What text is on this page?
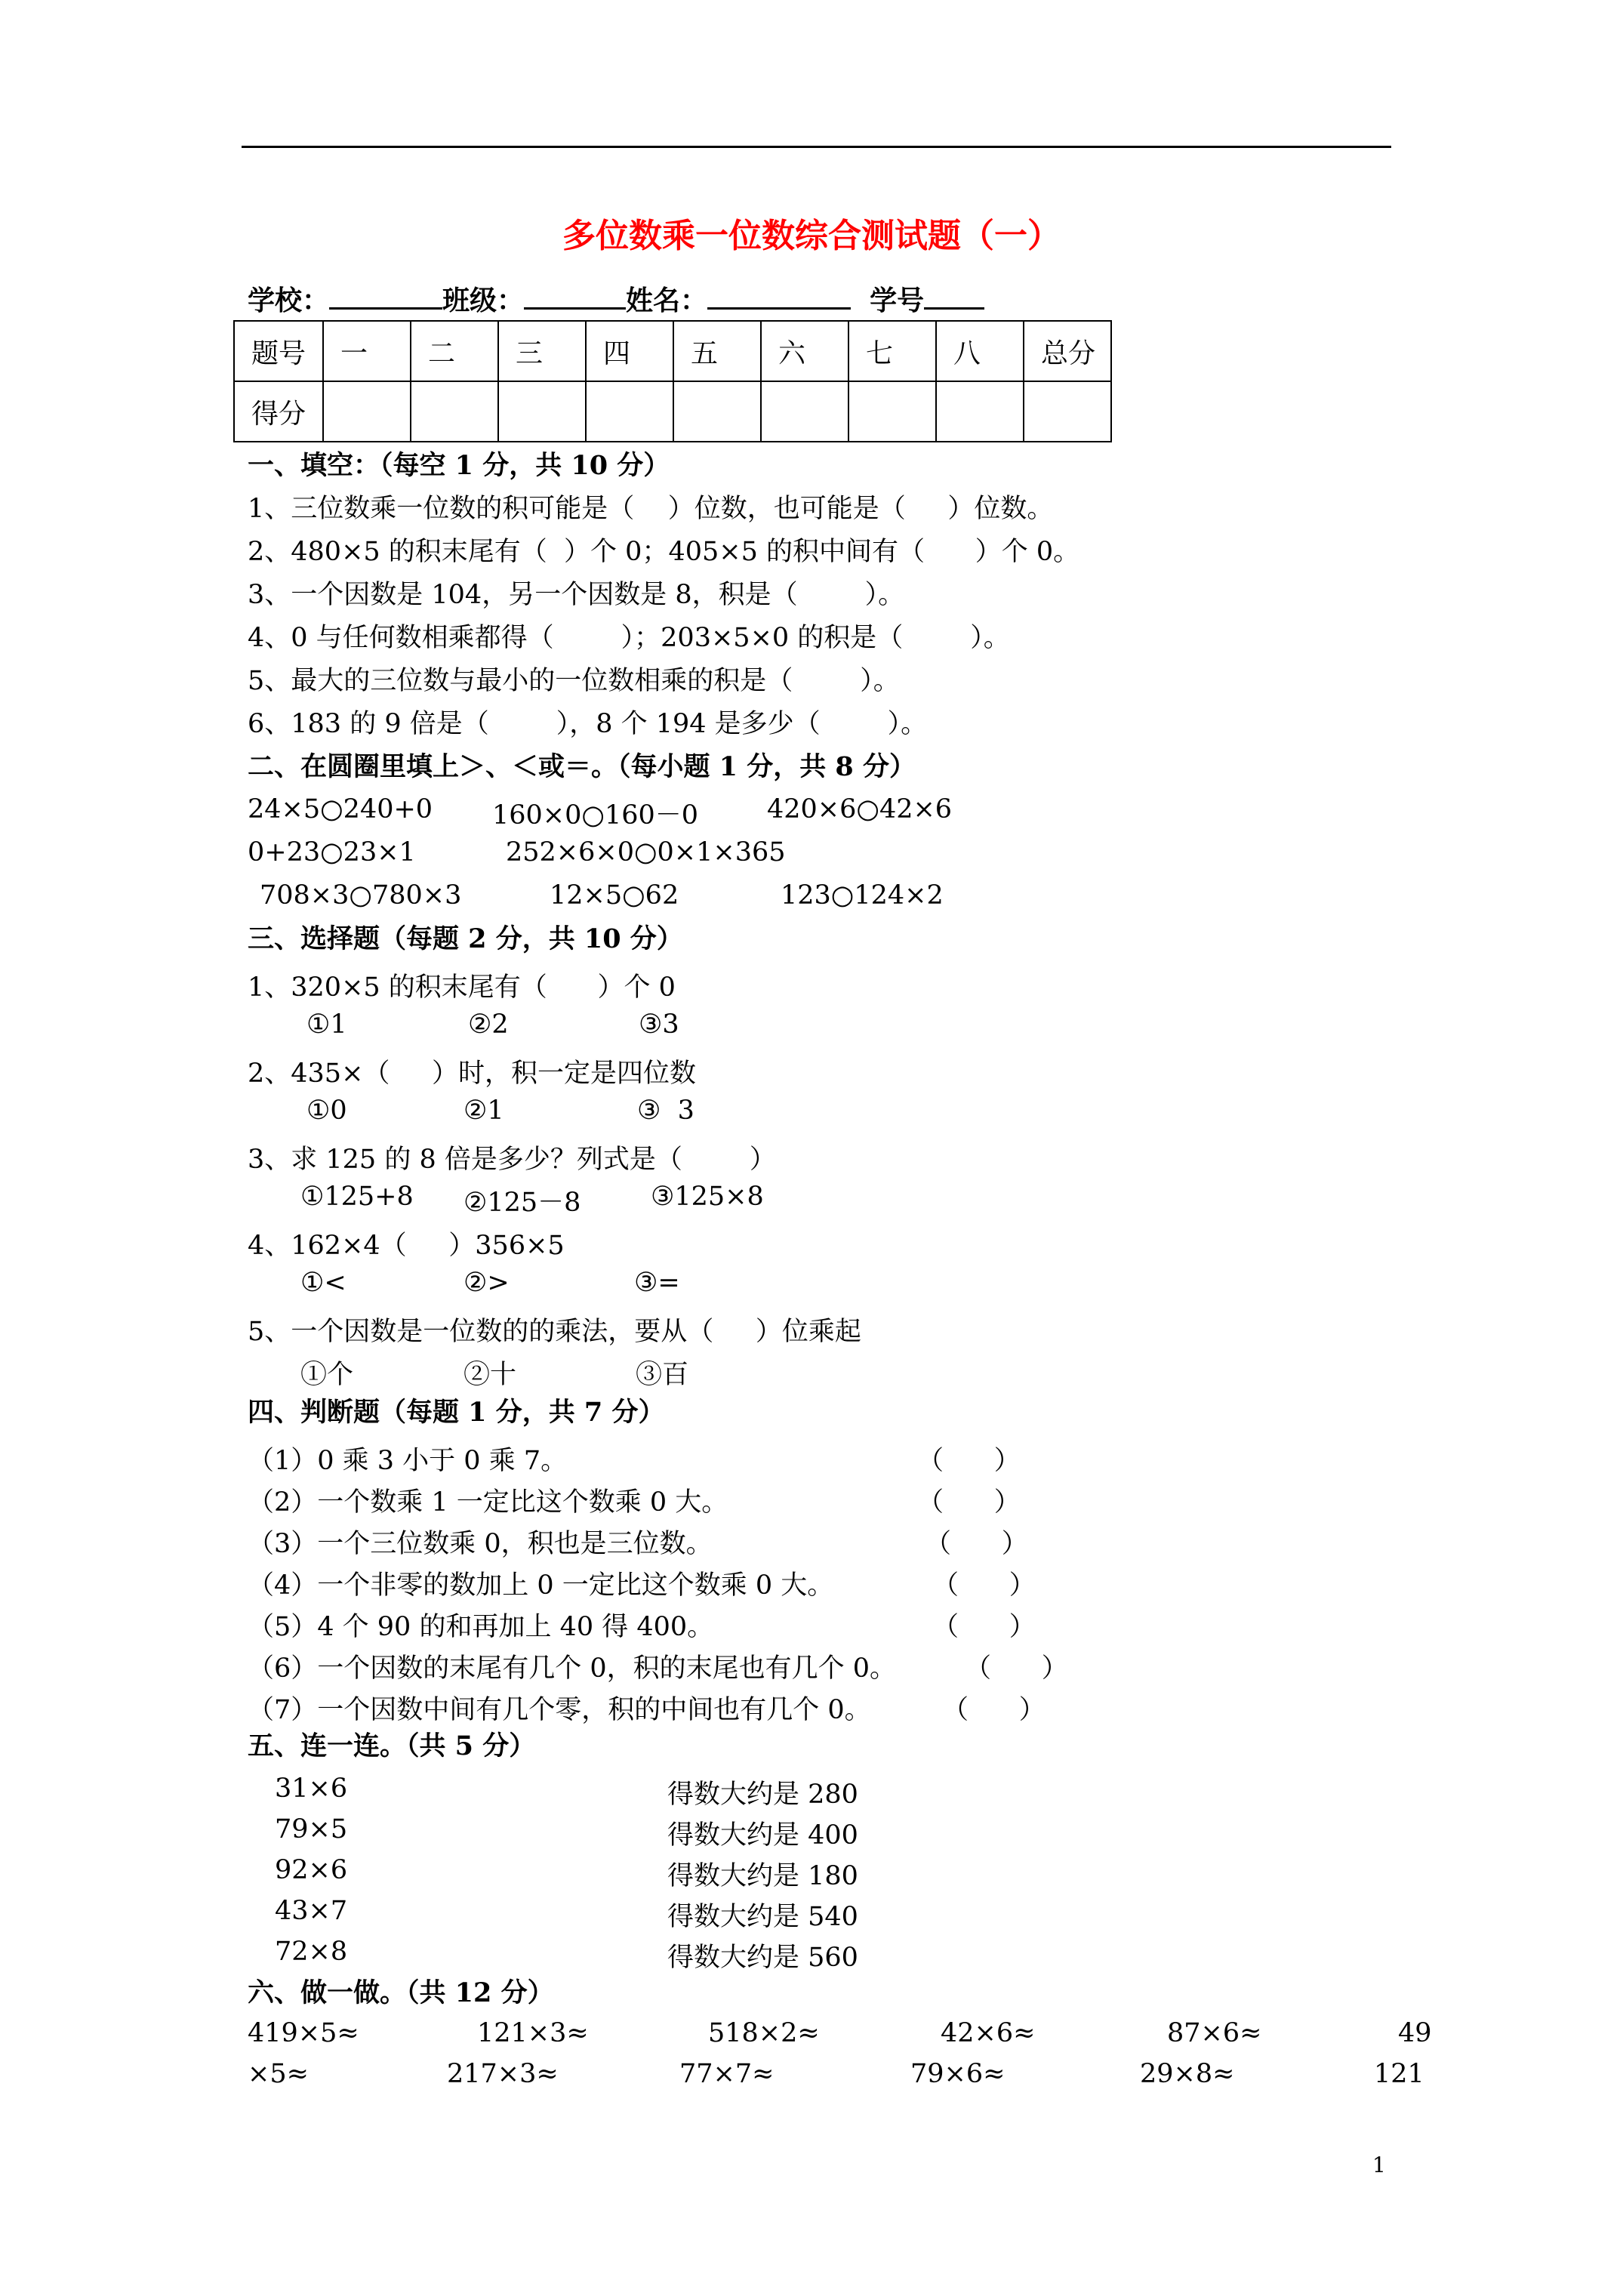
多位数乘一位数综合测试题（一）
学校：	班级：	姓名：	学号
题号	一	二	三	四	五	六	七	八	总分
得分									
一、填空：（每空 1 分，共 10 分）
1、三位数乘一位数的积可能是（    ）位数，也可能是（     ）位数。
2、480×5 的积末尾有（  ）个 0；405×5 的积中间有（      ）个 0。
3、一个因数是 104，另一个因数是 8，积是（        ）。
4、0 与任何数相乘都得（        ）；203×5×0 的积是（        ）。
5、最大的三位数与最小的一位数相乘的积是（        ）。
6、183 的 9 倍是（        ），8 个 194 是多少（        ）。
二、在圆圈里填上＞、＜或＝。（每小题 1 分，共 8 分）
24×5○240+0 160×0○160－0	420×6○42×6
0+23○23×1	252×6×0○0×1×365
708×3○780×3	12×5○62	123○124×2
三、选择题（每题 2 分，共 10 分）
1、320×5 的积末尾有（      ）个 0
①1	②2	③3
2、435×（     ）时，积一定是四位数
①0	②1	③  3
3、求 125 的 8 倍是多少？列式是（        ）
①125+8 ②125－8	③125×8
4、162×4（     ）356×5
①<	②>	③=
5、一个因数是一位数的的乘法，要从（     ）位乘起
①个	②十	③百
四、判断题（每题 1 分，共 7 分）
（1）0 乘 3 小于 0 乘 7。	（      ）
（2）一个数乘 1 一定比这个数乘 0 大。	（      ）
（3）一个三位数乘 0，积也是三位数。	（      ）
（4）一个非零的数加上 0 一定比这个数乘 0 大。	（      ）
（5）4 个 90 的和再加上 40 得 400。	（      ）
（6）一个因数的末尾有几个 0，积的末尾也有几个 0。	（      ）
（7）一个因数中间有几个零，积的中间也有几个 0。	（      ）
五、连一连。（共 5 分）
31×6	得数大约是 280
79×5	得数大约是 400
92×6	得数大约是 180
43×7	得数大约是 540
72×8	得数大约是 560
六、做一做。（共 12 分）
419×5≈	121×3≈	518×2≈	42×6≈	87×6≈	49
×5≈	217×3≈	77×7≈	79×6≈	29×8≈	121
1
